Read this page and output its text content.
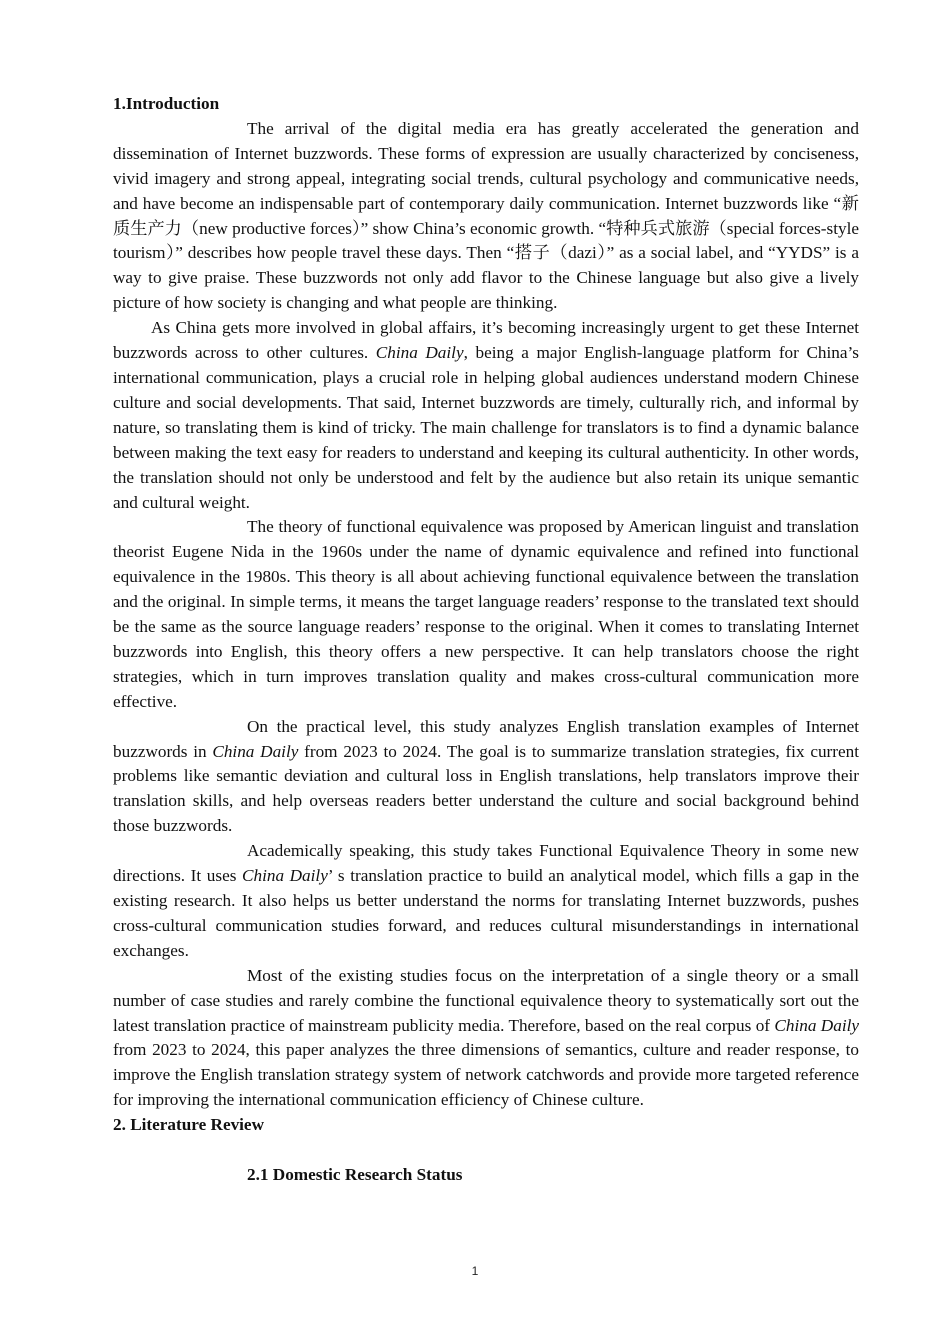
1.Introduction

The arrival of the digital media era has greatly accelerated the generation and dissemination of Internet buzzwords. These forms of expression are usually characterized by conciseness, vivid imagery and strong appeal, integrating social trends, cultural psychology and communicative needs, and have become an indispensable part of contemporary daily communication. Internet buzzwords like “新质生产力（new productive forces）” show China’s economic growth. “特种兵式旅游（special forces-style tourism）” describes how people travel these days. Then “搭子（dazi）” as a social label, and “YYDS” is a way to give praise. These buzzwords not only add flavor to the Chinese language but also give a lively picture of how society is changing and what people are thinking.

As China gets more involved in global affairs, it’s becoming increasingly urgent to get these Internet buzzwords across to other cultures. China Daily, being a major English-language platform for China’s international communication, plays a crucial role in helping global audiences understand modern Chinese culture and social developments. That said, Internet buzzwords are timely, culturally rich, and informal by nature, so translating them is kind of tricky. The main challenge for translators is to find a dynamic balance between making the text easy for readers to understand and keeping its cultural authenticity. In other words, the translation should not only be understood and felt by the audience but also retain its unique semantic and cultural weight.

The theory of functional equivalence was proposed by American linguist and translation theorist Eugene Nida in the 1960s under the name of dynamic equivalence and refined into functional equivalence in the 1980s. This theory is all about achieving functional equivalence between the translation and the original. In simple terms, it means the target language readers’ response to the translated text should be the same as the source language readers’ response to the original. When it comes to translating Internet buzzwords into English, this theory offers a new perspective. It can help translators choose the right strategies, which in turn improves translation quality and makes cross-cultural communication more effective.

On the practical level, this study analyzes English translation examples of Internet buzzwords in China Daily from 2023 to 2024. The goal is to summarize translation strategies, fix current problems like semantic deviation and cultural loss in English translations, help translators improve their translation skills, and help overseas readers better understand the culture and social background behind those buzzwords.

Academically speaking, this study takes Functional Equivalence Theory in some new directions. It uses China Daily’ s translation practice to build an analytical model, which fills a gap in the existing research. It also helps us better understand the norms for translating Internet buzzwords, pushes cross-cultural communication studies forward, and reduces cultural misunderstandings in international exchanges.

Most of the existing studies focus on the interpretation of a single theory or a small number of case studies and rarely combine the functional equivalence theory to systematically sort out the latest translation practice of mainstream publicity media. Therefore, based on the real corpus of China Daily from 2023 to 2024, this paper analyzes the three dimensions of semantics, culture and reader response, to improve the English translation strategy system of network catchwords and provide more targeted reference for improving the international communication efficiency of Chinese culture.

2. Literature Review
2.1 Domestic Research Status
1
